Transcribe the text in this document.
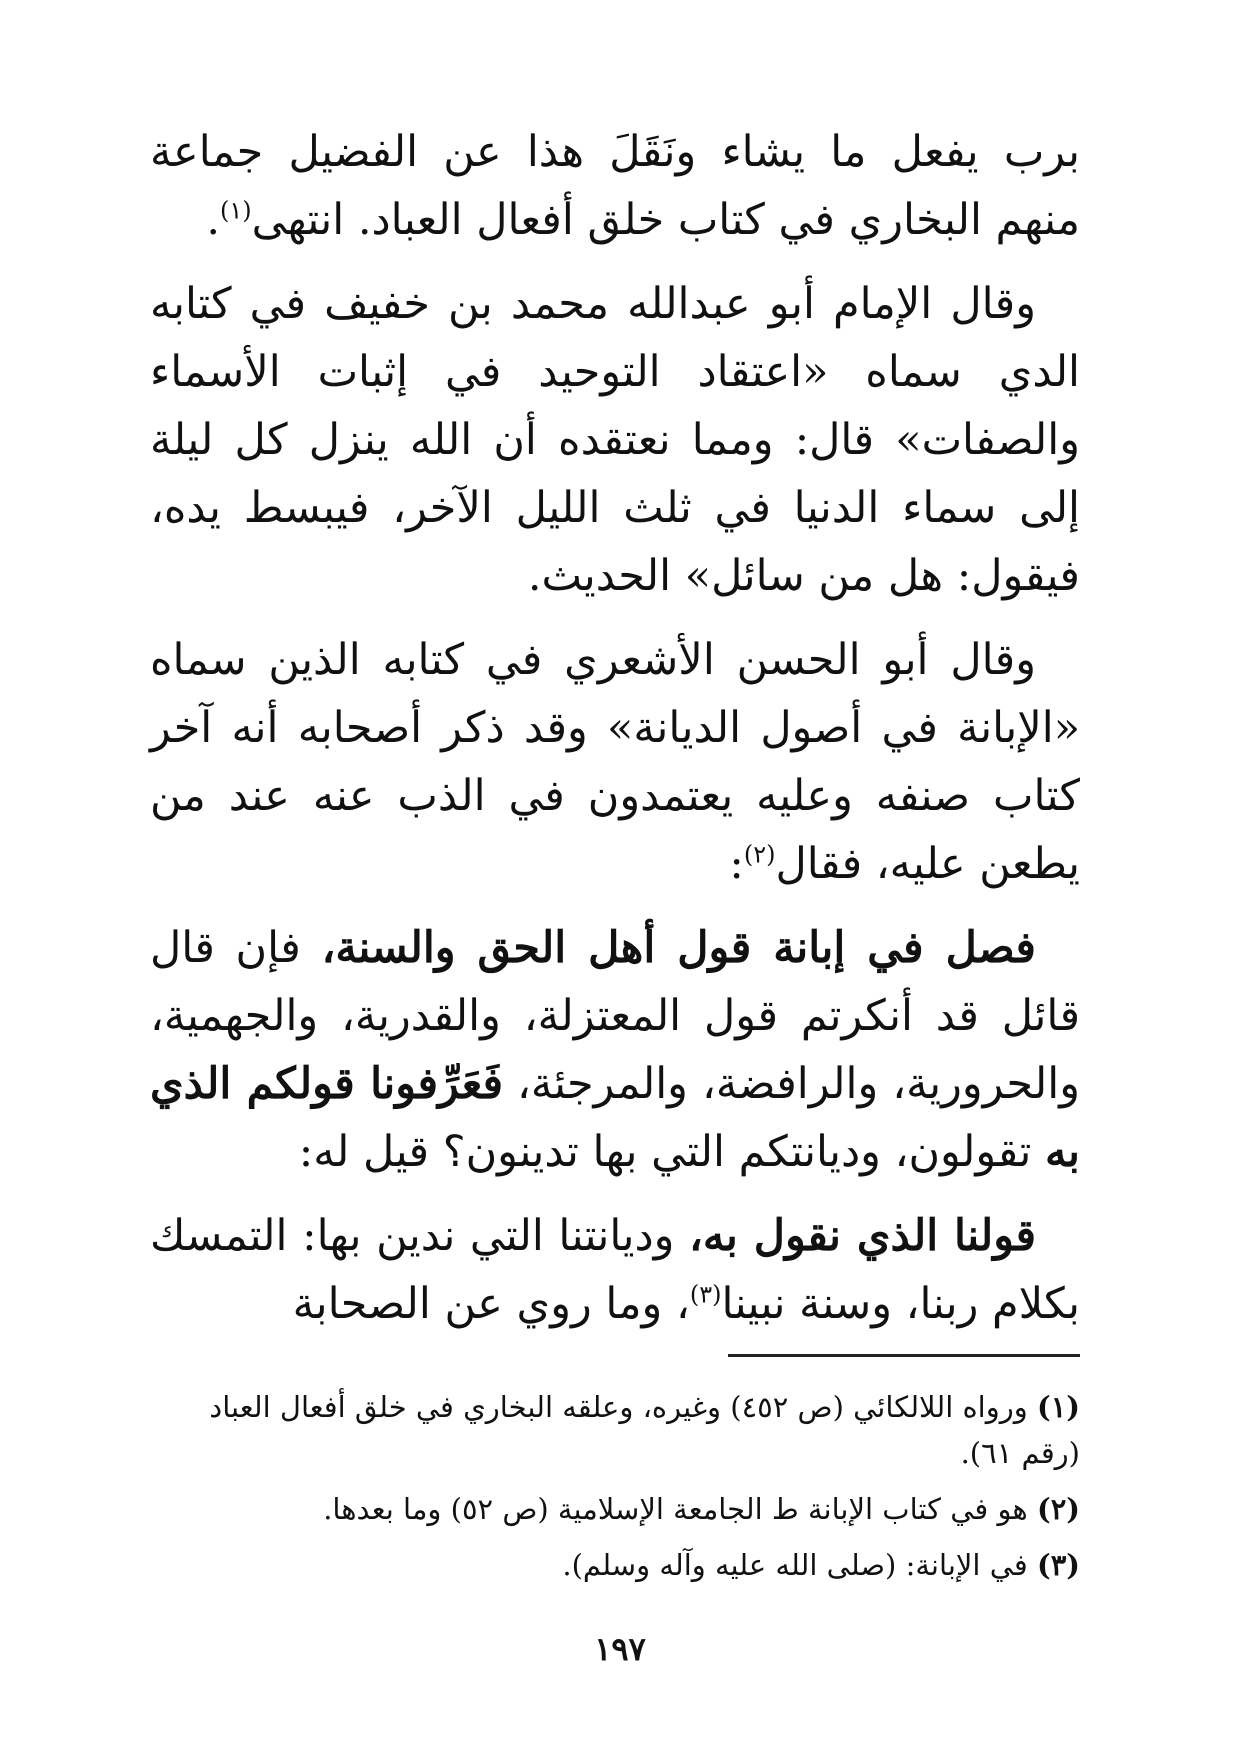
برب يفعل ما يشاء ونَقَلَ هذا عن الفضيل جماعة منهم البخاري في كتاب خلق أفعال العباد. انتهى$^{(١)}$.

وقال الإمام أبو عبدالله محمد بن خفيف في كتابه الدي سماه «اعتقاد التوحيد في إثبات الأسماء والصفات» قال: ومما نعتقده أن الله ينزل كل ليلة إلى سماء الدنيا في ثلث الليل الآخر، فيبسط يده، فيقول: هل من سائل» الحديث.

وقال أبو الحسن الأشعري في كتابه الذين سماه «الإبانة في أصول الديانة» وقد ذكر أصحابه أنه آخر كتاب صنفه وعليه يعتمدون في الذب عنه عند من يطعن عليه، فقال$^{(٢)}$:

فصل في إبانة قول أهل الحق والسنة، فإن قال قائل قد أنكرتم قول المعتزلة، والقدرية، والجهمية، والحرورية، والرافضة، والمرجئة، فَعَرِّفونا قولكم الذي به تقولون، وديانتكم التي بها تدينون؟ قيل له:

قولنا الذي نقول به، وديانتنا التي ندين بها: التمسك بكلام ربنا، وسنة نبينا$^{(٣)}$، وما روي عن الصحابة

(١) ورواه اللالكائي (ص ٤٥٢) وغيره، وعلقه البخاري في خلق أفعال العباد (رقم ٦١).

(٢) هو في كتاب الإبانة ط الجامعة الإسلامية (ص ٥٢) وما بعدها.

(٣) في الإبانة: (صلى الله عليه وآله وسلم).

١٩٧
